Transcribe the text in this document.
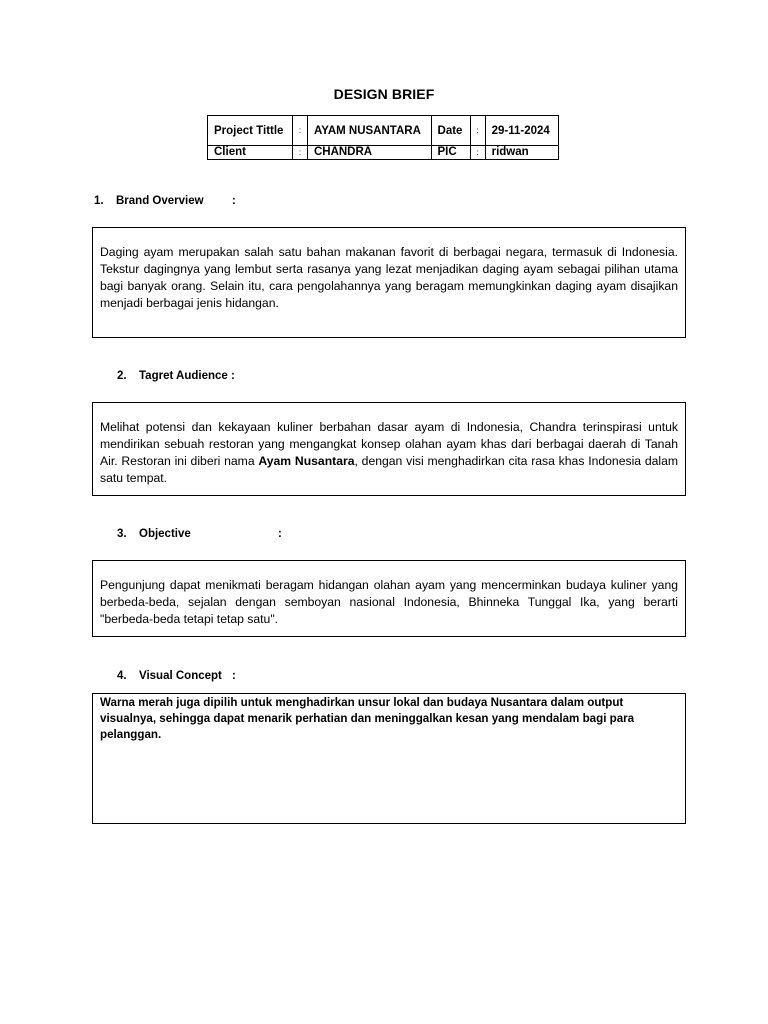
DESIGN BRIEF
Project Tittle	:	AYAM NUSANTARA	Date	:	29-11-2024
Client	:	CHANDRA	PIC	:	ridwan
1. Brand Overview :

Daging ayam merupakan salah satu bahan makanan favorit di berbagai negara, termasuk di Indonesia. Tekstur dagingnya yang lembut serta rasanya yang lezat menjadikan daging ayam sebagai pilihan utama bagi banyak orang. Selain itu, cara pengolahannya yang beragam memungkinkan daging ayam disajikan menjadi berbagai jenis hidangan.

2. Tagret Audience :

Melihat potensi dan kekayaan kuliner berbahan dasar ayam di Indonesia, Chandra terinspirasi untuk mendirikan sebuah restoran yang mengangkat konsep olahan ayam khas dari berbagai daerah di Tanah Air. Restoran ini diberi nama Ayam Nusantara, dengan visi menghadirkan cita rasa khas Indonesia dalam satu tempat.

3. Objective	:

Pengunjung dapat menikmati beragam hidangan olahan ayam yang mencerminkan budaya kuliner yang berbeda-beda, sejalan dengan semboyan nasional Indonesia, Bhinneka Tunggal Ika, yang berarti "berbeda-beda tetapi tetap satu".

4. Visual Concept :

Warna merah juga dipilih untuk menghadirkan unsur lokal dan budaya Nusantara dalam output visualnya, sehingga dapat menarik perhatian dan meninggalkan kesan yang mendalam bagi para pelanggan.
